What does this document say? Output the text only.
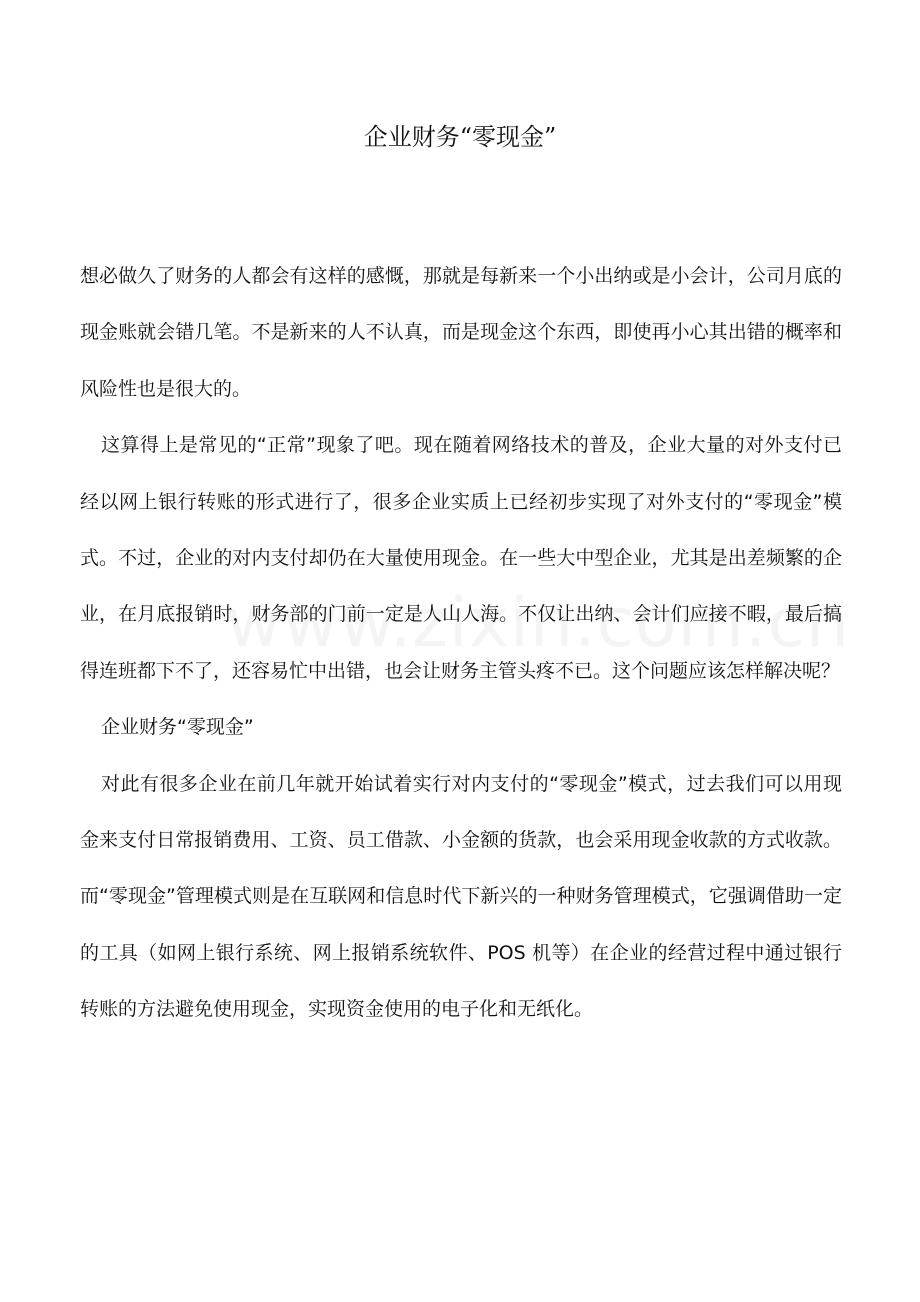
企业财务“零现金”

想必做久了财务的人都会有这样的感慨，那就是每新来一个小出纳或是小会计，公司月底的现金账就会错几笔。不是新来的人不认真，而是现金这个东西，即使再小心其出错的概率和风险性也是很大的。

这算得上是常见的“正常”现象了吧。现在随着网络技术的普及，企业大量的对外支付已经以网上银行转账的形式进行了，很多企业实质上已经初步实现了对外支付的“零现金”模式。不过，企业的对内支付却仍在大量使用现金。在一些大中型企业，尤其是出差频繁的企业，在月底报销时，财务部的门前一定是人山人海。不仅让出纳、会计们应接不暇，最后搞得连班都下不了，还容易忙中出错，也会让财务主管头疼不已。这个问题应该怎样解决呢？

企业财务“零现金”

对此有很多企业在前几年就开始试着实行对内支付的“零现金”模式，过去我们可以用现金来支付日常报销费用、工资、员工借款、小金额的货款，也会采用现金收款的方式收款。而“零现金”管理模式则是在互联网和信息时代下新兴的一种财务管理模式，它强调借助一定的工具（如网上银行系统、网上报销系统软件、POS 机等）在企业的经营过程中通过银行转账的方法避免使用现金，实现资金使用的电子化和无纸化。
